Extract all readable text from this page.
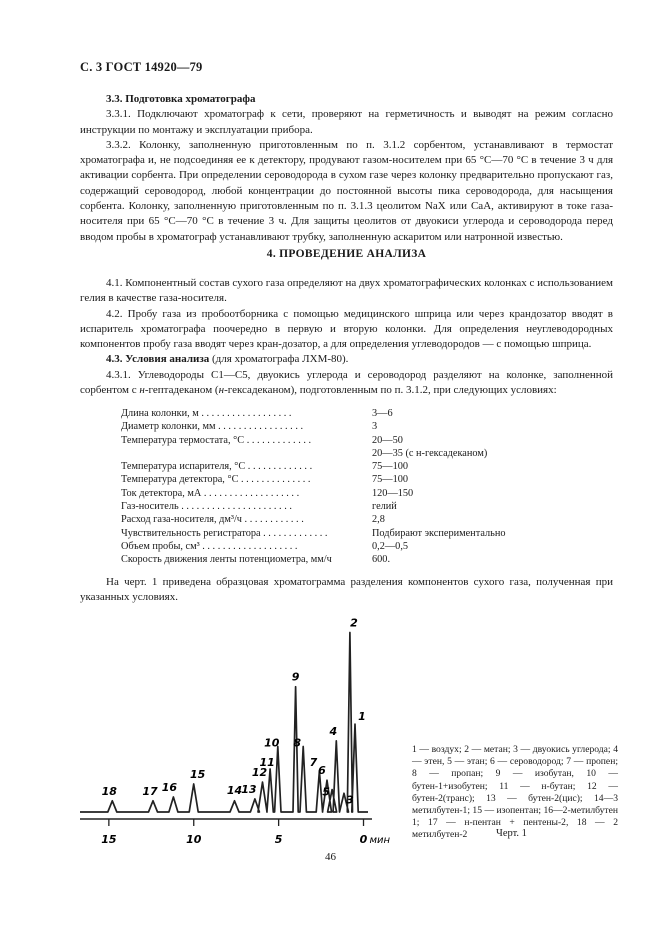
С. 3 ГОСТ 14920—79

3.3. Подготовка хроматографа

3.3.1. Подключают хроматограф к сети, проверяют на герметичность и выводят на режим согласно инструкции по монтажу и эксплуатации прибора.

3.3.2. Колонку, заполненную приготовленным по п. 3.1.2 сорбентом, устанавливают в термостат хроматографа и, не подсоединяя ее к детектору, продувают газом-носителем при 65 °С—70 °С в течение 3 ч для активации сорбента. При определении сероводорода в сухом газе через колонку предварительно пропускают газ, содержащий сероводород, любой концентрации до постоянной высоты пика сероводорода, для насыщения сорбента. Колонку, заполненную приготовленным по п. 3.1.3 цеолитом NaX или CaA, активируют в токе газа-носителя при 65 °С—70 °С в течение 3 ч. Для защиты цеолитов от двуокиси углерода и сероводорода перед вводом пробы в хроматограф устанавливают трубку, заполненную аскаритом или натронной известью.

4. ПРОВЕДЕНИЕ АНАЛИЗА

4.1. Компонентный состав сухого газа определяют на двух хроматографических колонках с использованием гелия в качестве газа-носителя.

4.2. Пробу газа из пробоотборника с помощью медицинского шприца или через крандозатор вводят в испаритель хроматографа поочередно в первую и вторую колонки. Для определения неуглеводородных компонентов пробу газа вводят через кран-дозатор, а для определения углеводородов — с помощью шприца.

4.3. Условия анализа (для хроматографа ЛХМ-80).

4.3.1. Углеводороды С1—С5, двуокись углерода и сероводород разделяют на колонке, заполненной сорбентом с н-гептадеканом (н-гексадеканом), подготовленным по п. 3.1.2, при следующих условиях:

Длина колонки, м . . . . . . . . . . . . . . . . . .	3—6
Диаметр колонки, мм . . . . . . . . . . . . . . . . .	3
Температура термостата, °С . . . . . . . . . . . . .	20—50
20—35 (с н-гексадеканом)
Температура испарителя, °С . . . . . . . . . . . . .	75—100
Температура детектора, °С . . . . . . . . . . . . . .	75—100
Ток детектора, мА . . . . . . . . . . . . . . . . . . .	120—150
Газ-носитель . . . . . . . . . . . . . . . . . . . . . .	гелий
Расход газа-носителя, дм³/ч . . . . . . . . . . . .	2,8
Чувствительность регистратора . . . . . . . . . . . . .	Подбирают экспериментально
Объем пробы, см³ . . . . . . . . . . . . . . . . . . .	0,2—0,5
Скорость движения ленты потенциометра, мм/ч	600.

На черт. 1 приведена образцовая хроматограмма разделения компонентов сухого газа, полученная при указанных условиях.

15	10	5	0 мин
18 17 16
15
14 13
12
11
10
9
8
7
6
5
4
3
2
1

1 — воздух; 2 — метан; 3 — двуокись углерода; 4 — этен, 5 — этан; 6 — сероводород; 7 — пропен; 8 — пропан; 9 — изобутан, 10 — бутен-1+изобутен; 11 — н-бутан; 12 — бутен-2(транс); 13 — бутен-2(цис); 14—3 метилбутен-1; 15 — изопентан; 16—2-метилбутен 1; 17 — н-пентан + пентены-2, 18 — 2 метилбутен-2	Черт. 1
46
